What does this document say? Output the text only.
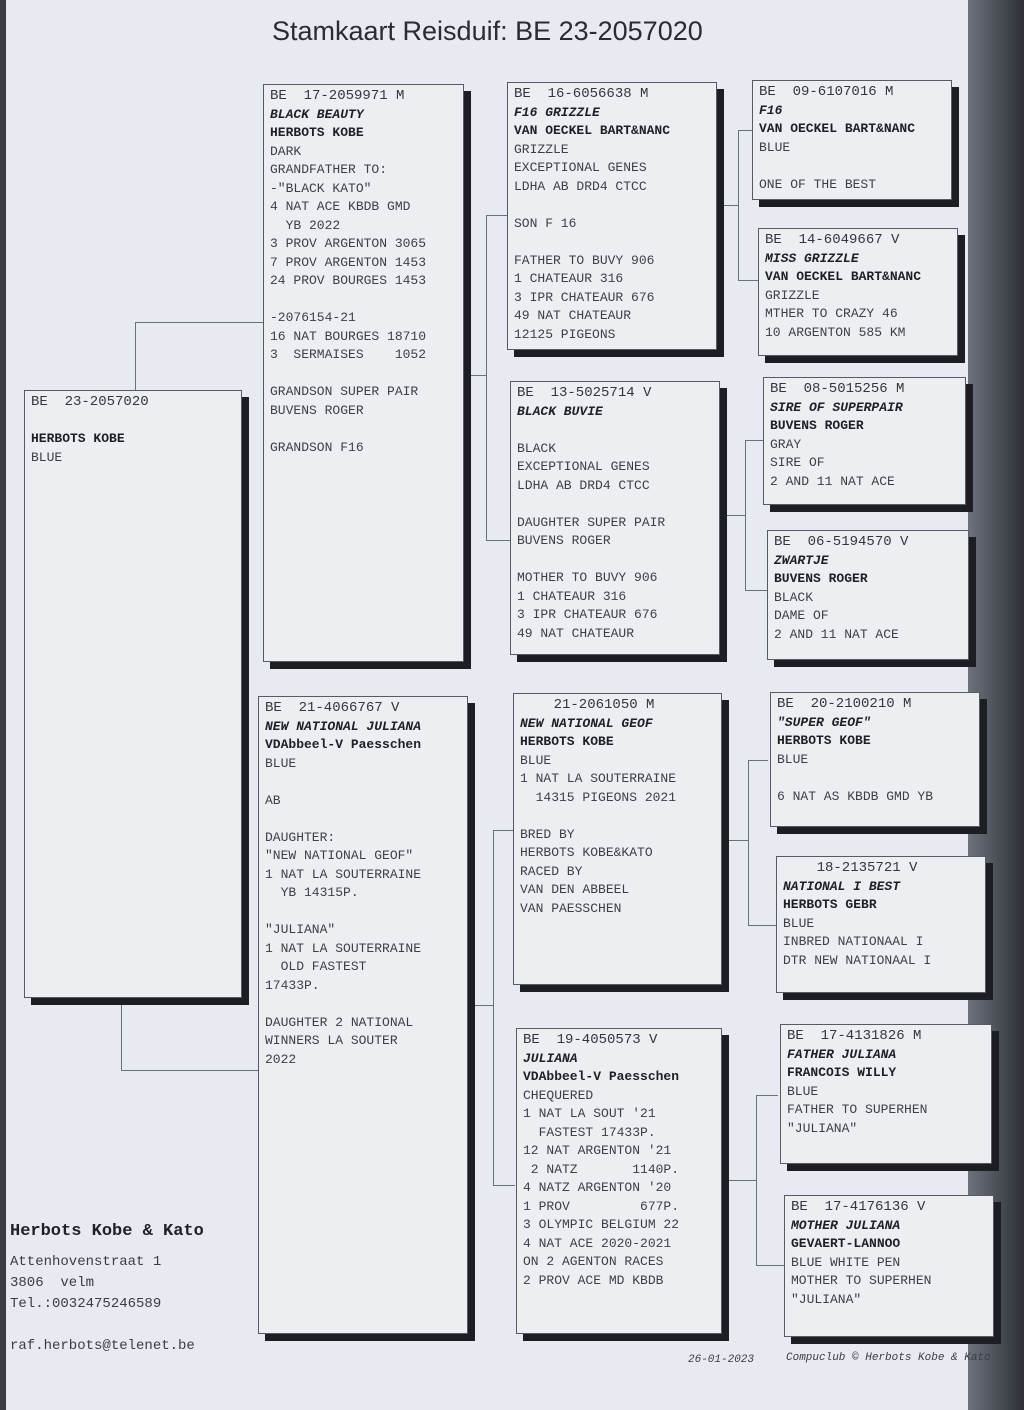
Stamkaart Reisduif: BE 23-2057020
BE  23-2057020
HERBOTS KOBE
BLUE
BE  17-2059971 M
BLACK BEAUTY
HERBOTS KOBE
DARK
GRANDFATHER TO:
-"BLACK KATO"
4 NAT ACE KBDB GMD
YB 2022
3 PROV ARGENTON 3065
7 PROV ARGENTON 1453
24 PROV BOURGES 1453
-2076154-21
16 NAT BOURGES 18710
3  SERMAISES    1052
GRANDSON SUPER PAIR
BUVENS ROGER
GRANDSON F16
BE  21-4066767 V
NEW NATIONAL JULIANA
VDAbbeel-V Paesschen
BLUE
AB
DAUGHTER:
"NEW NATIONAL GEOF"
1 NAT LA SOUTERRAINE
YB 14315P.
"JULIANA"
1 NAT LA SOUTERRAINE
OLD FASTEST
17433P.
DAUGHTER 2 NATIONAL
WINNERS LA SOUTER
2022
BE  16-6056638 M
F16 GRIZZLE
VAN OECKEL BART&NANC
GRIZZLE
EXCEPTIONAL GENES
LDHA AB DRD4 CTCC
SON F 16
FATHER TO BUVY 906
1 CHATEAUR 316
3 IPR CHATEAUR 676
49 NAT CHATEAUR
12125 PIGEONS
BE  13-5025714 V
BLACK BUVIE
BLACK
EXCEPTIONAL GENES
LDHA AB DRD4 CTCC
DAUGHTER SUPER PAIR
BUVENS ROGER
MOTHER TO BUVY 906
1 CHATEAUR 316
3 IPR CHATEAUR 676
49 NAT CHATEAUR
21-2061050 M
NEW NATIONAL GEOF
HERBOTS KOBE
BLUE
1 NAT LA SOUTERRAINE
14315 PIGEONS 2021
BRED BY
HERBOTS KOBE&KATO
RACED BY
VAN DEN ABBEEL
VAN PAESSCHEN
BE  19-4050573 V
JULIANA
VDAbbeel-V Paesschen
CHEQUERED
1 NAT LA SOUT '21
FASTEST 17433P.
12 NAT ARGENTON '21
2 NATZ       1140P.
4 NATZ ARGENTON '20
1 PROV         677P.
3 OLYMPIC BELGIUM 22
4 NAT ACE 2020-2021
ON 2 AGENTON RACES
2 PROV ACE MD KBDB
BE  09-6107016 M
F16
VAN OECKEL BART&NANC
BLUE
ONE OF THE BEST
BE  14-6049667 V
MISS GRIZZLE
VAN OECKEL BART&NANC
GRIZZLE
MTHER TO CRAZY 46
10 ARGENTON 585 KM
BE  08-5015256 M
SIRE OF SUPERPAIR
BUVENS ROGER
GRAY
SIRE OF
2 AND 11 NAT ACE
BE  06-5194570 V
ZWARTJE
BUVENS ROGER
BLACK
DAME OF
2 AND 11 NAT ACE
BE  20-2100210 M
"SUPER GEOF"
HERBOTS KOBE
BLUE
6 NAT AS KBDB GMD YB
18-2135721 V
NATIONAL I BEST
HERBOTS GEBR
BLUE
INBRED NATIONAAL I
DTR NEW NATIONAAL I
BE  17-4131826 M
FATHER JULIANA
FRANCOIS WILLY
BLUE
FATHER TO SUPERHEN
"JULIANA"
BE  17-4176136 V
MOTHER JULIANA
GEVAERT-LANNOO
BLUE WHITE PEN
MOTHER TO SUPERHEN
"JULIANA"
Herbots Kobe & Kato
Attenhovenstraat 1
3806  velm
Tel.:0032475246589
raf.herbots@telenet.be
26-01-2023	Compuclub © Herbots Kobe & Kato
